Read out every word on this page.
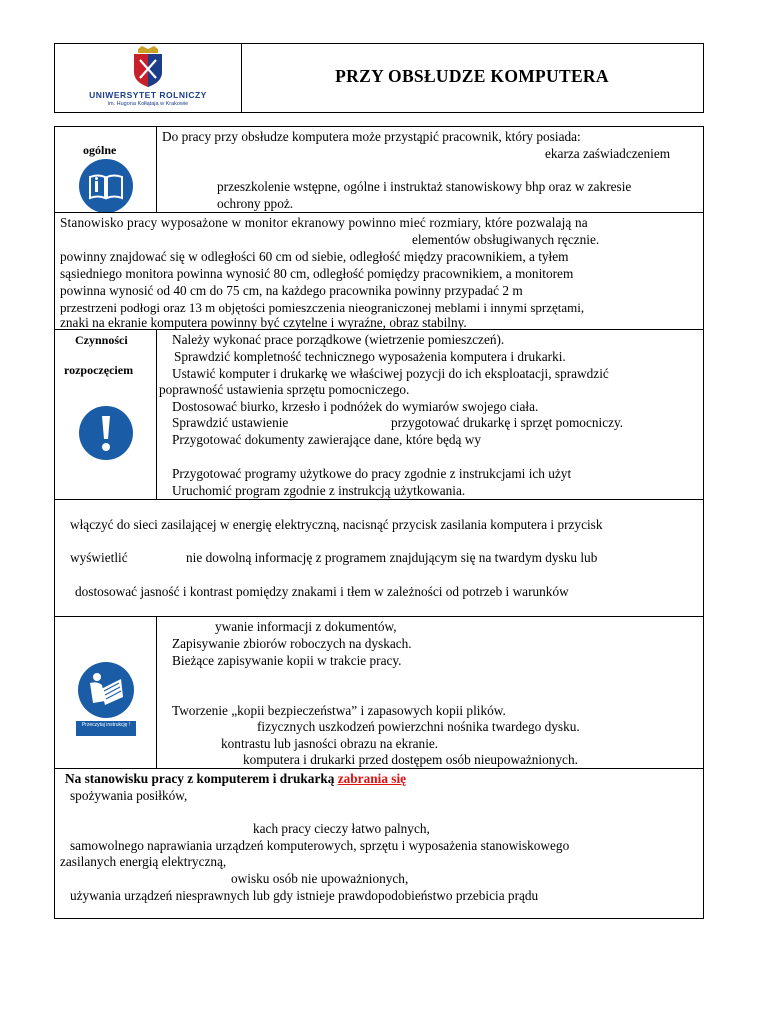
UNIWERSYTET ROLNICZY
im. Hugona Kołłątaja w Krakowie
PRZY OBSŁUDZE KOMPUTERA
ogólne
Do pracy przy obsłudze komputera może przystąpić pracownik, który posiada:
ekarza zaświadczeniem
przeszkolenie wstępne, ogólne i instruktaż stanowiskowy bhp oraz w zakresie
ochrony ppoż.
Stanowisko pracy wyposażone w monitor ekranowy powinno mieć rozmiary, które pozwalają na
elementów obsługiwanych ręcznie.
powinny znajdować się w odległości 60 cm od siebie, odległość między pracownikiem, a tyłem
sąsiedniego monitora powinna wynosić 80 cm, odległość pomiędzy pracownikiem, a monitorem
powinna wynosić od 40 cm do 75 cm, na każdego pracownika powinny przypadać 2 m
przestrzeni podłogi oraz 13 m objętości pomieszczenia nieograniczonej meblami i innymi sprzętami,
znaki na ekranie komputera powinny być czytelne i wyraźne, obraz stabilny.
Czynności
rozpoczęciem
Należy wykonać prace porządkowe (wietrzenie pomieszczeń).
Sprawdzić kompletność technicznego wyposażenia komputera i drukarki.
Ustawić komputer i drukarkę we właściwej pozycji do ich eksploatacji, sprawdzić
poprawność ustawienia sprzętu pomocniczego.
Dostosować biurko, krzesło i podnóżek do wymiarów swojego ciała.
Sprawdzić ustawienie	przygotować drukarkę i sprzęt pomocniczy.
Przygotować dokumenty zawierające dane, które będą wy
Przygotować programy użytkowe do pracy zgodnie z instrukcjami ich użyt
Uruchomić program zgodnie z instrukcją użytkowania.
włączyć do sieci zasilającej w energię elektryczną, nacisnąć przycisk zasilania komputera i przycisk
wyświetlić	nie dowolną informację z programem znajdującym się na twardym dysku lub
dostosować jasność i kontrast pomiędzy znakami i tłem w zależności od potrzeb i warunków
Przeczytaj instrukcję !
ywanie informacji z dokumentów,
Zapisywanie zbiorów roboczych na dyskach.
Bieżące zapisywanie kopii w trakcie pracy.
Tworzenie „kopii bezpieczeństwa” i zapasowych kopii plików.
fizycznych uszkodzeń powierzchni nośnika twardego dysku.
kontrastu lub jasności obrazu na ekranie.
komputera i drukarki przed dostępem osób nieupoważnionych.
Na stanowisku pracy z komputerem i drukarką zabrania się
spożywania posiłków,
kach pracy cieczy łatwo palnych,
samowolnego naprawiania urządzeń komputerowych, sprzętu i wyposażenia stanowiskowego
zasilanych energią elektryczną,
owisku osób nie upoważnionych,
używania urządzeń niesprawnych lub gdy istnieje prawdopodobieństwo przebicia prądu
